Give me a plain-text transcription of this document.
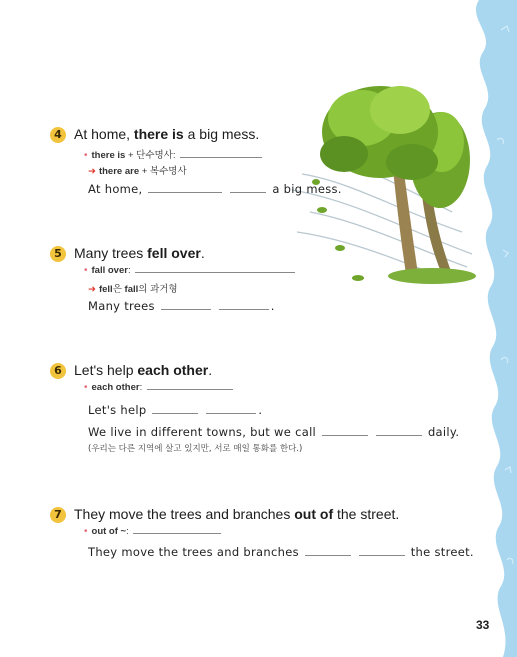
4 At home, there is a big mess.
• there is + 단수명사:
➜ there are + 복수명사
At home,	a big mess.
5 Many trees fell over.
• fall over:
➜ fell은 fall의 과거형
Many trees	.
6 Let's help each other.
• each other:
Let's help	.
We live in different towns, but we call	daily.
(우리는 다른 지역에 살고 있지만, 서로 매일 통화를 한다.)
7 They move the trees and branches out of the street.
• out of ~:
They move the trees and branches	the street.
33
